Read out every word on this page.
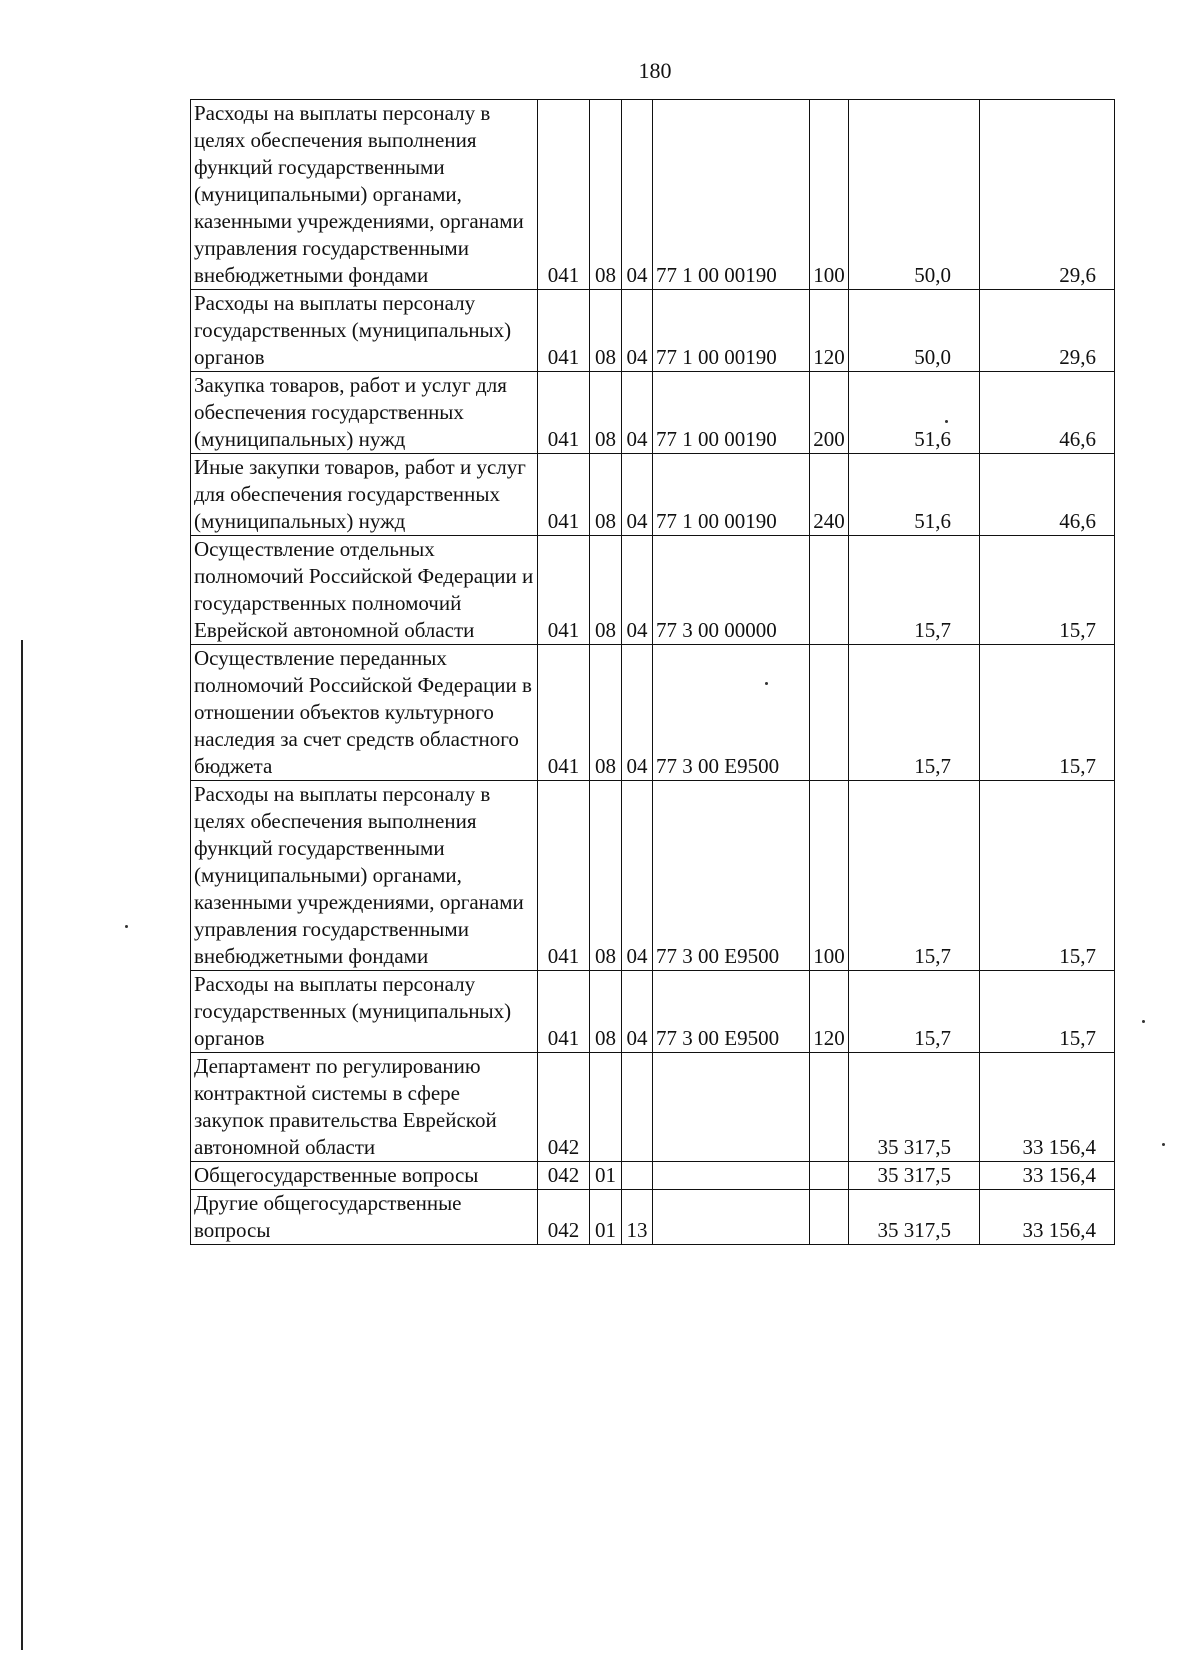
180
Расходы на выплаты персоналу в целях обеспечения выполнения функций государственными (муниципальными) органами, казенными учреждениями, органами управления государственными внебюджетными фондами	041	08	04	77 1 00 00190	100	50,0	29,6
Расходы на выплаты персоналу государственных (муниципальных) органов	041	08	04	77 1 00 00190	120	50,0	29,6
Закупка товаров, работ и услуг для обеспечения государственных (муниципальных) нужд	041	08	04	77 1 00 00190	200	51,6	46,6
Иные закупки товаров, работ и услуг для обеспечения государственных (муниципальных) нужд	041	08	04	77 1 00 00190	240	51,6	46,6
Осуществление отдельных полномочий Российской Федерации и государственных полномочий Еврейской автономной области	041	08	04	77 3 00 00000		15,7	15,7
Осуществление переданных полномочий Российской Федерации в отношении объектов культурного наследия за счет средств областного бюджета	041	08	04	77 3 00 Е9500		15,7	15,7
Расходы на выплаты персоналу в целях обеспечения выполнения функций государственными (муниципальными) органами, казенными учреждениями, органами управления государственными внебюджетными фондами	041	08	04	77 3 00 Е9500	100	15,7	15,7
Расходы на выплаты персоналу государственных (муниципальных) органов	041	08	04	77 3 00 Е9500	120	15,7	15,7
Департамент по регулированию контрактной системы в сфере закупок правительства Еврейской автономной области	042					35 317,5	33 156,4
Общегосударственные вопросы	042	01				35 317,5	33 156,4
Другие общегосударственные вопросы	042	01	13			35 317,5	33 156,4
